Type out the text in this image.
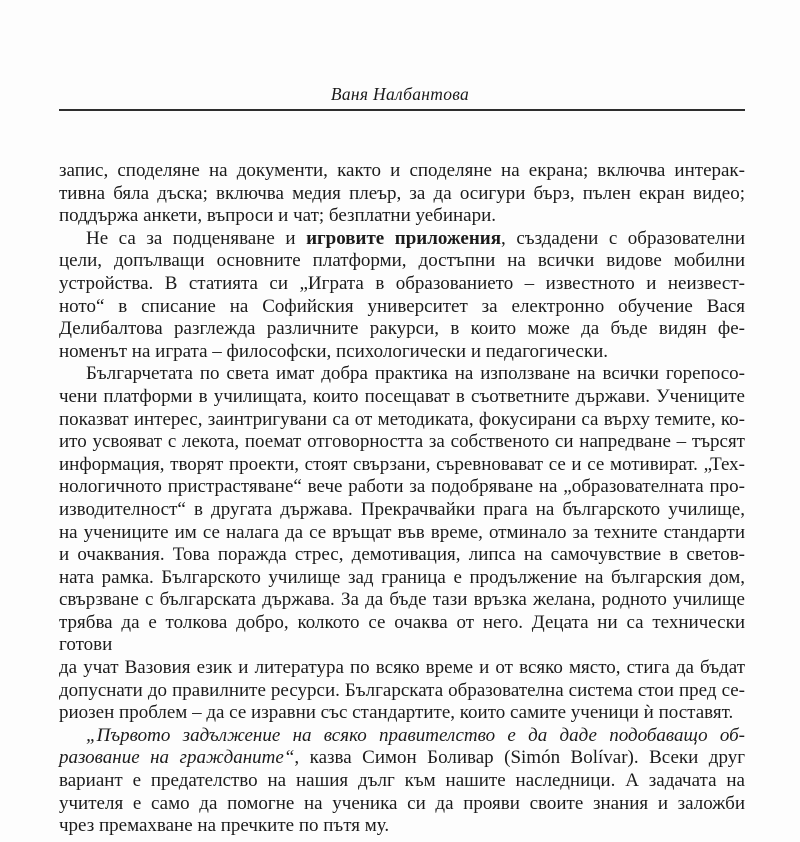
Ваня Налбантова
запис, споделяне на документи, както и споделяне на екрана; включва интерак-
тивна бяла дъска; включва медия плеър, за да осигури бърз, пълен екран видео;
поддържа анкети, въпроси и чат; безплатни уебинари.
Не са за подценяване и игровите приложения, създадени с образователни
цели, допълващи основните платформи, достъпни на всички видове мобилни
устройства. В статията си „Играта в образованието – известното и неизвест-
ното“ в списание на Софийския университет за електронно обучение Вася
Делибалтова разглежда различните ракурси, в които може да бъде видян фе-
номенът на играта – философски, психологически и педагогически.
Българчетата по света имат добра практика на използване на всички горепосо-
чени платформи в училищата, които посещават в съответните държави. Учениците
показват интерес, заинтригувани са от методиката, фокусирани са върху темите, ко-
ито усвояват с лекота, поемат отговорността за собственото си напредване – търсят
информация, творят проекти, стоят свързани, съревновават се и се мотивират. „Тех-
нологичното пристрастяване“ вече работи за подобряване на „образователната про-
изводителност“ в другата държава. Прекрачвайки прага на българското училище,
на учениците им се налага да се връщат във време, отминало за техните стандарти
и очаквания. Това поражда стрес, демотивация, липса на самочувствие в светов-
ната рамка. Българското училище зад граница е продължение на българския дом,
свързване с българската държава. За да бъде тази връзка желана, родното училище
трябва да е толкова добро, колкото се очаква от него. Децата ни са технически готови
да учат Вазовия език и литература по всяко време и от всяко място, стига да бъдат
допуснати до правилните ресурси. Българската образователна система стои пред се-
риозен проблем – да се изравни със стандартите, които самите ученици ѝ поставят.
„Първото задължение на всяко правителство е да даде подобаващо об-
разование на гражданите“, казва Симон Боливар (Simón Bolívar). Всеки друг
вариант е предателство на нашия дълг към нашите наследници. А задачата на
учителя е само да помогне на ученика си да прояви своите знания и заложби
чрез премахване на пречките по пътя му.
